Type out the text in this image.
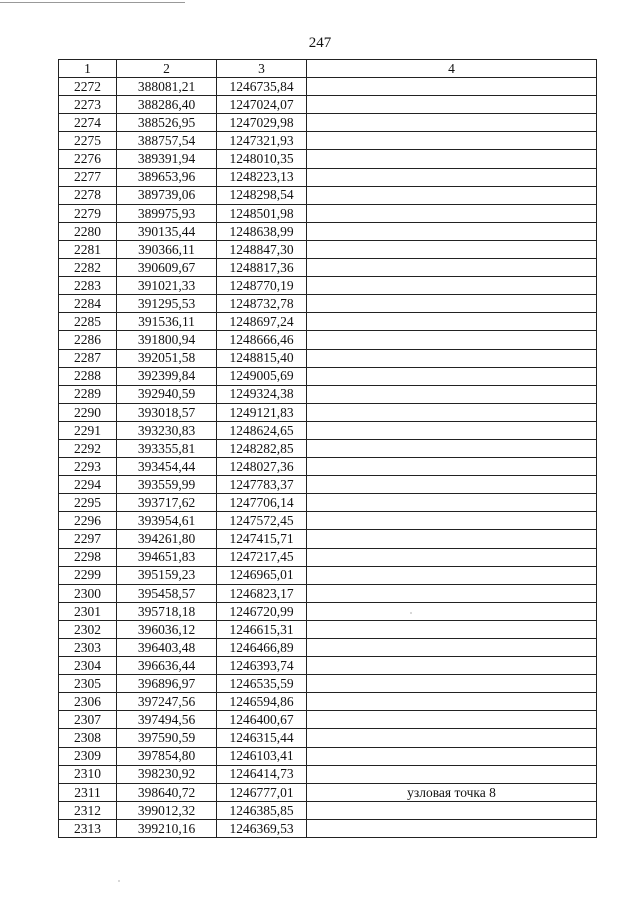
247
1	2	3	4
2272	388081,21	1246735,84	
2273	388286,40	1247024,07	
2274	388526,95	1247029,98	
2275	388757,54	1247321,93	
2276	389391,94	1248010,35	
2277	389653,96	1248223,13	
2278	389739,06	1248298,54	
2279	389975,93	1248501,98	
2280	390135,44	1248638,99	
2281	390366,11	1248847,30	
2282	390609,67	1248817,36	
2283	391021,33	1248770,19	
2284	391295,53	1248732,78	
2285	391536,11	1248697,24	
2286	391800,94	1248666,46	
2287	392051,58	1248815,40	
2288	392399,84	1249005,69	
2289	392940,59	1249324,38	
2290	393018,57	1249121,83	
2291	393230,83	1248624,65	
2292	393355,81	1248282,85	
2293	393454,44	1248027,36	
2294	393559,99	1247783,37	
2295	393717,62	1247706,14	
2296	393954,61	1247572,45	
2297	394261,80	1247415,71	
2298	394651,83	1247217,45	
2299	395159,23	1246965,01	
2300	395458,57	1246823,17	
2301	395718,18	1246720,99	
2302	396036,12	1246615,31	
2303	396403,48	1246466,89	
2304	396636,44	1246393,74	
2305	396896,97	1246535,59	
2306	397247,56	1246594,86	
2307	397494,56	1246400,67	
2308	397590,59	1246315,44	
2309	397854,80	1246103,41	
2310	398230,92	1246414,73	
2311	398640,72	1246777,01	узловая точка 8
2312	399012,32	1246385,85	
2313	399210,16	1246369,53	
